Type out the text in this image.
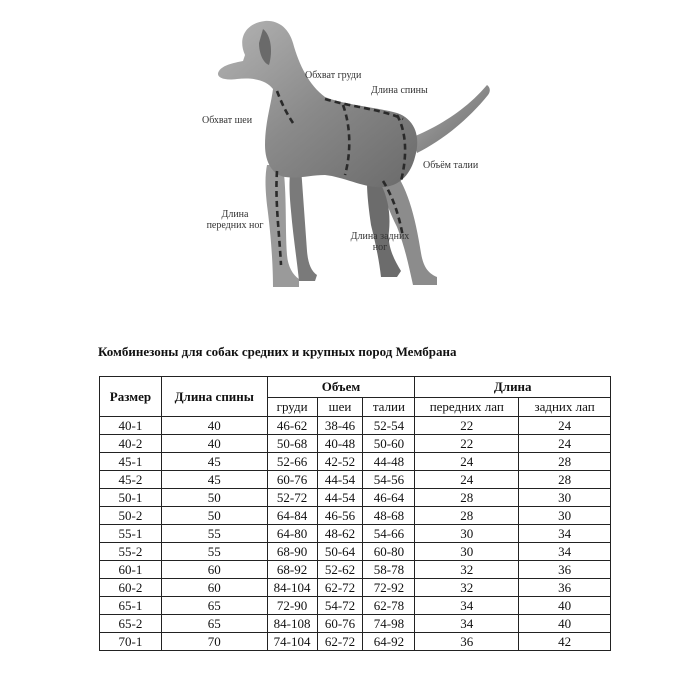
Обхват груди
Длина спины
Обхват шеи
Объём талии
Длина
передних ног
Длина задних
ног
Комбинезоны для собак средних и крупных пород Мембрана
Размер	Длина спины	Объем			Длина	
		груди	шеи	талии	передних лап	задних лап
40-1	40	46-62	38-46	52-54	22	24
40-2	40	50-68	40-48	50-60	22	24
45-1	45	52-66	42-52	44-48	24	28
45-2	45	60-76	44-54	54-56	24	28
50-1	50	52-72	44-54	46-64	28	30
50-2	50	64-84	46-56	48-68	28	30
55-1	55	64-80	48-62	54-66	30	34
55-2	55	68-90	50-64	60-80	30	34
60-1	60	68-92	52-62	58-78	32	36
60-2	60	84-104	62-72	72-92	32	36
65-1	65	72-90	54-72	62-78	34	40
65-2	65	84-108	60-76	74-98	34	40
70-1	70	74-104	62-72	64-92	36	42
